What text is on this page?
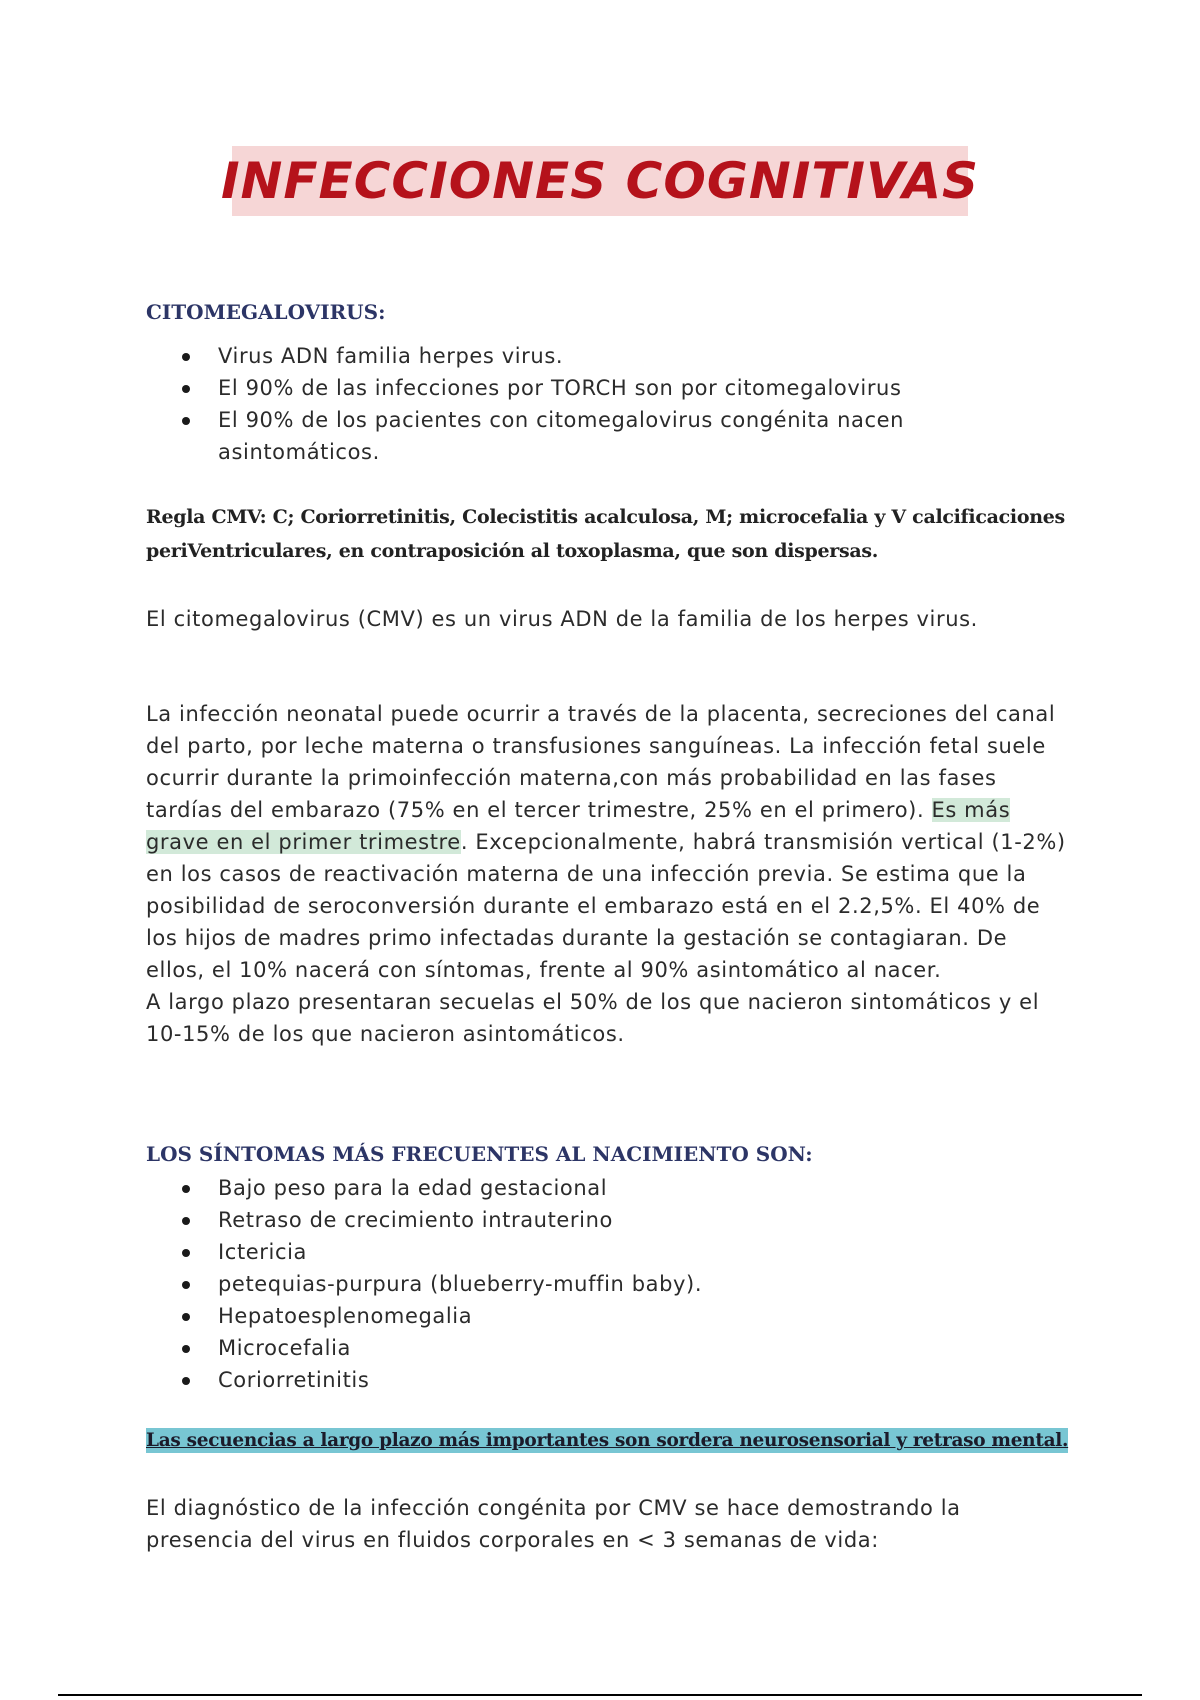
INFECCIONES COGNITIVAS
CITOMEGALOVIRUS:
Virus ADN familia herpes virus.
El 90% de las infecciones por TORCH son por citomegalovirus
El 90% de los pacientes con citomegalovirus congénita nacen asintomáticos.

Regla CMV: C; Coriorretinitis, Colecistitis acalculosa, M; microcefalia y V calcificaciones periVentriculares, en contraposición al toxoplasma, que son dispersas.

El citomegalovirus (CMV) es un virus ADN de la familia de los herpes virus.

La infección neonatal puede ocurrir a través de la placenta, secreciones del canal del parto, por leche materna o transfusiones sanguíneas. La infección fetal suele ocurrir durante la primoinfección materna,con más probabilidad en las fases tardías del embarazo (75% en el tercer trimestre, 25% en el primero). Es más grave en el primer trimestre. Excepcionalmente, habrá transmisión vertical (1-2%) en los casos de reactivación materna de una infección previa. Se estima que la posibilidad de seroconversión durante el embarazo está en el 2.2,5%. El 40% de los hijos de madres primo infectadas durante la gestación se contagiaran. De ellos, el 10% nacerá con síntomas, frente al 90% asintomático al nacer.

A largo plazo presentaran secuelas el 50% de los que nacieron sintomáticos y el 10-15% de los que nacieron asintomáticos.

LOS SÍNTOMAS MÁS FRECUENTES AL NACIMIENTO SON:
Bajo peso para la edad gestacional
Retraso de crecimiento intrauterino
Ictericia
petequias-purpura (blueberry-muffin baby).
Hepatoesplenomegalia
Microcefalia
Coriorretinitis
Las secuencias a largo plazo más importantes son sordera neurosensorial y retraso mental.

El diagnóstico de la infección congénita por CMV se hace demostrando la presencia del virus en fluidos corporales en < 3 semanas de vida:
